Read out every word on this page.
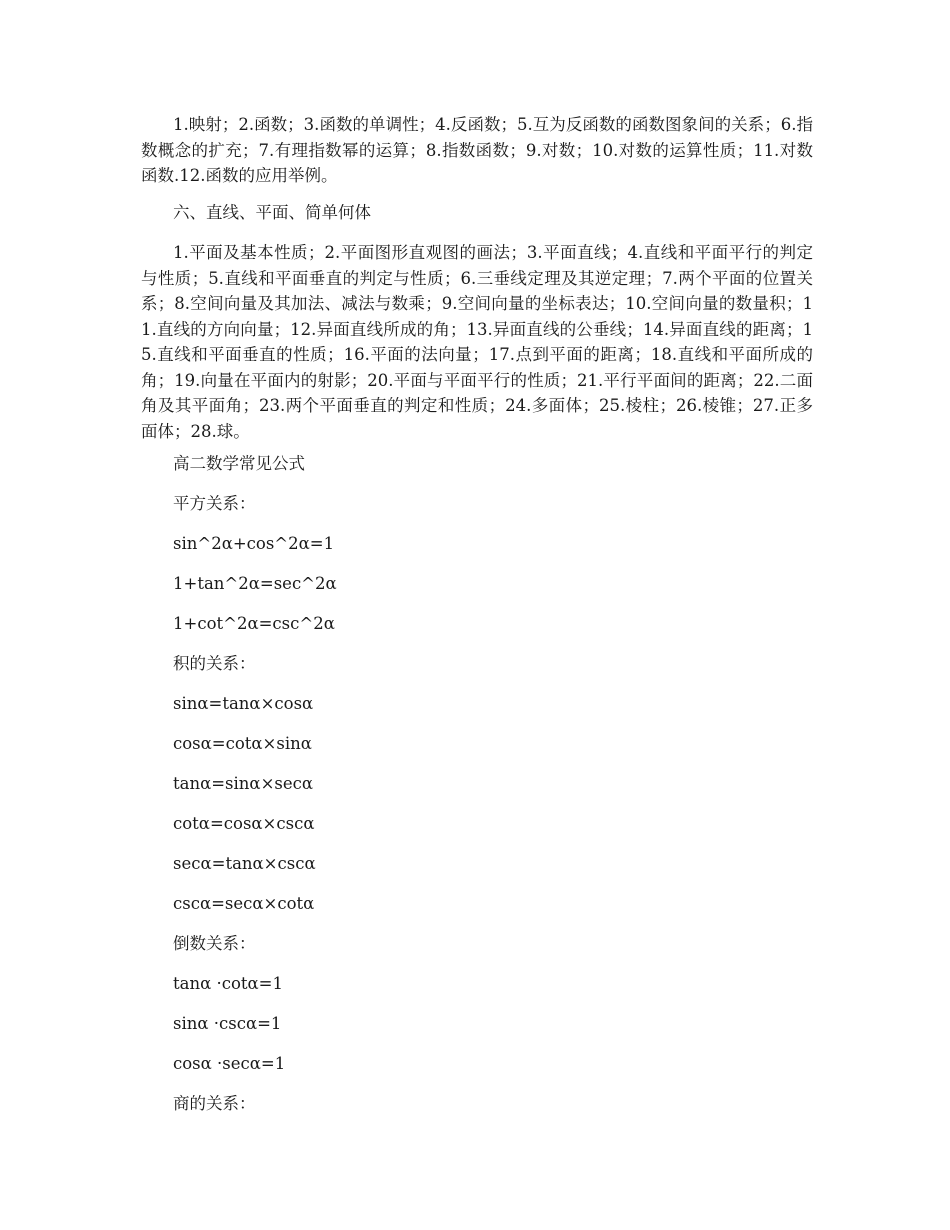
1.映射；2.函数；3.函数的单调性；4.反函数；5.互为反函数的函数图象间的关系；6.指数概念的扩充；7.有理指数幂的运算；8.指数函数；9.对数；10.对数的运算性质；11.对数函数.12.函数的应用举例。

六、直线、平面、简单何体

1.平面及基本性质；2.平面图形直观图的画法；3.平面直线；4.直线和平面平行的判定与性质；5.直线和平面垂直的判定与性质；6.三垂线定理及其逆定理；7.两个平面的位置关系；8.空间向量及其加法、减法与数乘；9.空间向量的坐标表达；10.空间向量的数量积；11.直线的方向向量；12.异面直线所成的角；13.异面直线的公垂线；14.异面直线的距离；15.直线和平面垂直的性质；16.平面的法向量；17.点到平面的距离；18.直线和平面所成的角；19.向量在平面内的射影；20.平面与平面平行的性质；21.平行平面间的距离；22.二面角及其平面角；23.两个平面垂直的判定和性质；24.多面体；25.棱柱；26.棱锥；27.正多面体；28.球。

高二数学常见公式

平方关系：

sin^2α+cos^2α=1

1+tan^2α=sec^2α

1+cot^2α=csc^2α

积的关系：

sinα=tanα×cosα

cosα=cotα×sinα

tanα=sinα×secα

cotα=cosα×cscα

secα=tanα×cscα

cscα=secα×cotα

倒数关系：

tanα ·cotα=1

sinα ·cscα=1

cosα ·secα=1

商的关系：
